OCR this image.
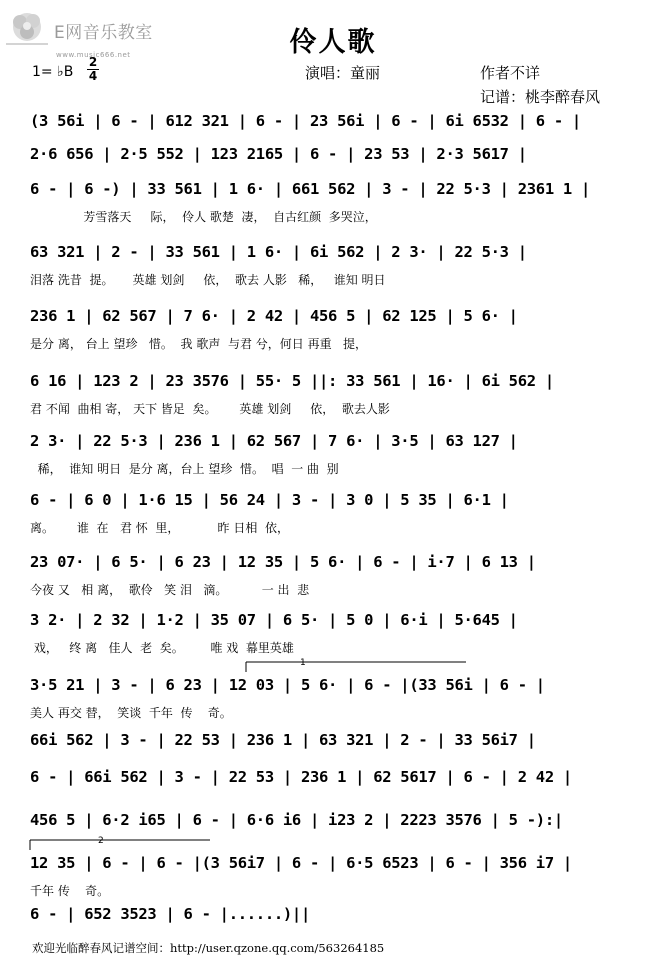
E网音乐教室
www.music666.net	伶人歌
1= ♭B
2
4	演唱：童丽	作者不详
记谱：桃李醉春风
(3 56i | 6 - | 612 321 | 6 - | 23 56i | 6 - | 6i 6532 | 6 - |
2·6 656 | 2·5 552 | 123 2165 | 6 - | 23 53 | 2·3 5617 |
6 - | 6 -) | 33 561 | 1 6· | 661 562 | 3 - | 22 5·3 | 2361 1 |
芳雪落天     际，  伶人 歌楚  凄，  自古红颜  多哭泣，
63 321 | 2 - | 33 561 | 1 6· | 6i 562 | 2 3· | 22 5·3 |
泪落 洗昔  提。     英雄 划剑     依，  歌去 人影   稀，   谁知 明日
236 1 | 62 567 | 7 6· | 2 42 | 456 5 | 62 125 | 5 6· |
是分 离， 台上 望珍   惜。  我 歌声  与君 兮，何日 再重   提，
6 16 | 123 2 | 23 3576 | 55· 5 ||: 33 561 | 16· | 6i 562 |
君 不闻  曲相 寄， 天下 皆足  矣。      英雄 划剑     依，  歌去人影
2 3· | 22 5·3 | 236 1 | 62 567 | 7 6· | 3·5 | 63 127 |
稀，  谁知 明日  是分 离，台上 望珍  惜。  唱  一 曲  别
6 - | 6 0 | 1·6 15 | 56 24 | 3 - | 3 0 | 5 35 | 6·1 |
离。      谁  在   君 怀  里，          昨 日相  依，
23 07· | 6 5· | 6 23 | 12 35 | 5 6· | 6 - | i·7 | 6 13 |
今夜 又   相 离，  歌伶   笑 泪   滴。         一 出  悲
3 2· | 2 32 | 1·2 | 35 07 | 6 5· | 5 0 | 6·i | 5·645 |
戏，   终 离   佳人  老  矣。       唯 戏  幕里英雄
3·5 21 | 3 - | 6 23 | 12 03 | 5 6· | 6 - |(33 56i | 6 - |
美人 再交 替，  笑谈  千年  传    奇。
66i 562 | 3 - | 22 53 | 236 1 | 63 321 | 2 - | 33 56i7 |
6 - | 66i 562 | 3 - | 22 53 | 236 1 | 62 5617 | 6 - | 2 42 |
456 5 | 6·2 i65 | 6 - | 6·6 i6 | i23 2 | 2223 3576 | 5 -):|
12 35 | 6 - | 6 - |(3 56i7 | 6 - | 6·5 6523 | 6 - | 356 i7 |
千年 传    奇。
6 - | 652 3523 | 6 - |......)||
1
2
欢迎光临醉春风记谱空间：http://user.qzone.qq.com/563264185
